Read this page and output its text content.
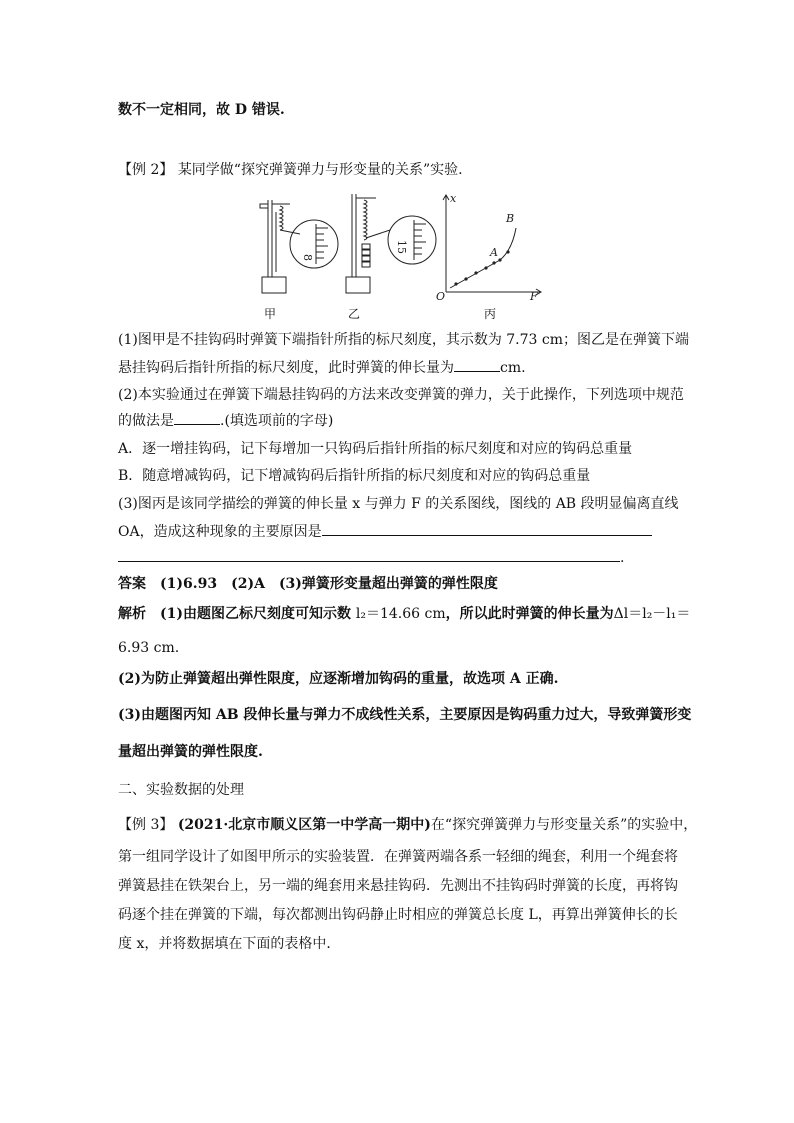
数不一定相同，故 D 错误.
【例 2】 某同学做“探究弹簧弹力与形变量的关系”实验.
8
15
x
O	F
A
B
甲	乙	丙
(1)图甲是不挂钩码时弹簧下端指针所指的标尺刻度，其示数为 7.73 cm；图乙是在弹簧下端
悬挂钩码后指针所指的标尺刻度，此时弹簧的伸长量为	cm.
(2)本实验通过在弹簧下端悬挂钩码的方法来改变弹簧的弹力，关于此操作，下列选项中规范
的做法是	.(填选项前的字母)
A．逐一增挂钩码，记下每增加一只钩码后指针所指的标尺刻度和对应的钩码总重量
B．随意增减钩码，记下增减钩码后指针所指的标尺刻度和对应的钩码总重量
(3)图丙是该同学描绘的弹簧的伸长量 x 与弹力 F 的关系图线，图线的 AB 段明显偏离直线
OA，造成这种现象的主要原因是
.
答案　(1)6.93　(2)A　(3)弹簧形变量超出弹簧的弹性限度
解析　(1)由题图乙标尺刻度可知示数 l₂＝14.66 cm，所以此时弹簧的伸长量为Δl＝l₂－l₁＝
6.93 cm.
(2)为防止弹簧超出弹性限度，应逐渐增加钩码的重量，故选项 A 正确.
(3)由题图丙知 AB 段伸长量与弹力不成线性关系，主要原因是钩码重力过大，导致弹簧形变
量超出弹簧的弹性限度.
二、实验数据的处理
【例 3】 (2021·北京市顺义区第一中学高一期中)在“探究弹簧弹力与形变量关系”的实验中，
第一组同学设计了如图甲所示的实验装置．在弹簧两端各系一轻细的绳套，利用一个绳套将
弹簧悬挂在铁架台上，另一端的绳套用来悬挂钩码．先测出不挂钩码时弹簧的长度，再将钩
码逐个挂在弹簧的下端，每次都测出钩码静止时相应的弹簧总长度 L，再算出弹簧伸长的长
度 x，并将数据填在下面的表格中．
